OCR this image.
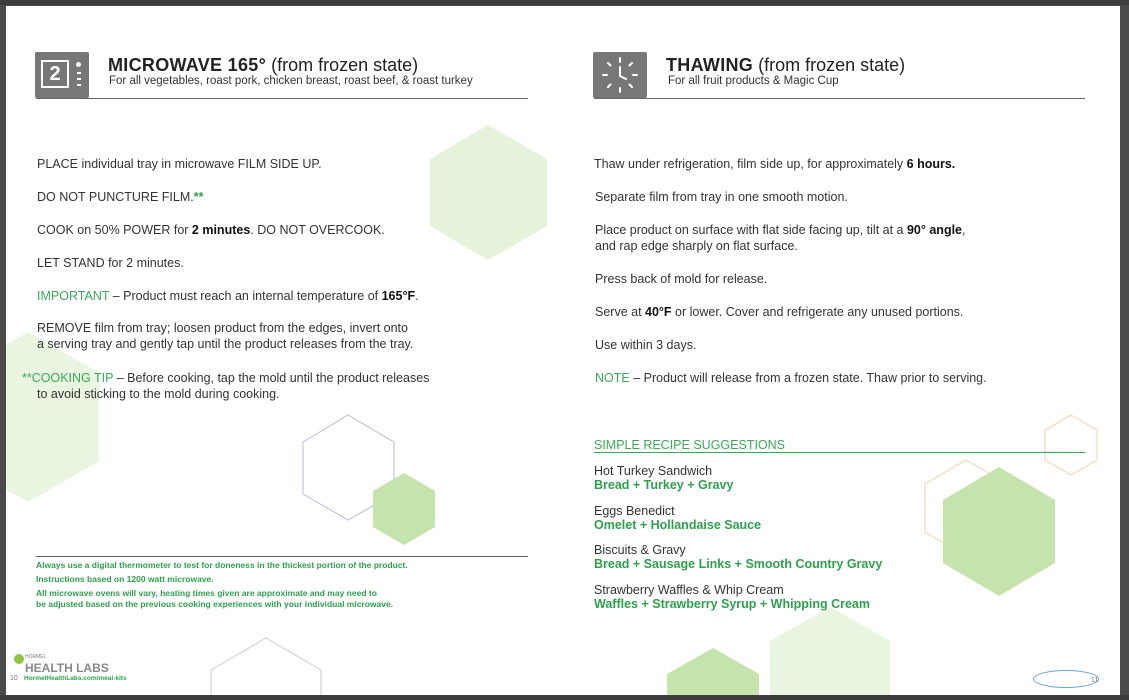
2	MICROWAVE 165° (from frozen state)
For all vegetables, roast pork, chicken breast, roast beef, & roast turkey
PLACE individual tray in microwave FILM SIDE UP.
DO NOT PUNCTURE FILM.**
COOK on 50% POWER for 2 minutes. DO NOT OVERCOOK.
LET STAND for 2 minutes.
IMPORTANT – Product must reach an internal temperature of 165°F.
REMOVE film from tray; loosen product from the edges, invert onto
a serving tray and gently tap until the product releases from the tray.
**COOKING TIP – Before cooking, tap the mold until the product releases
to avoid sticking to the mold during cooking.
Always use a digital thermometer to test for doneness in the thickest portion of the product.
Instructions based on 1200 watt microwave.
All microwave ovens will vary, heating times given are approximate and may need to
be adjusted based on the previous cooking experiences with your individual microwave.
HORMEL
HEALTH LABS
10 HormelHealthLabs.com/meal-kits
THAWING (from frozen state)
For all fruit products & Magic Cup
Thaw under refrigeration, film side up, for approximately 6 hours.
Separate film from tray in one smooth motion.
Place product on surface with flat side facing up, tilt at a 90° angle,
and rap edge sharply on flat surface.
Press back of mold for release.
Serve at 40°F or lower. Cover and refrigerate any unused portions.
Use within 3 days.
NOTE – Product will release from a frozen state. Thaw prior to serving.
SIMPLE RECIPE SUGGESTIONS
Hot Turkey Sandwich
Bread + Turkey + Gravy
Eggs Benedict
Omelet + Hollandaise Sauce
Biscuits & Gravy
Bread + Sausage Links + Smooth Country Gravy
Strawberry Waffles & Whip Cream
Waffles + Strawberry Syrup + Whipping Cream
11
